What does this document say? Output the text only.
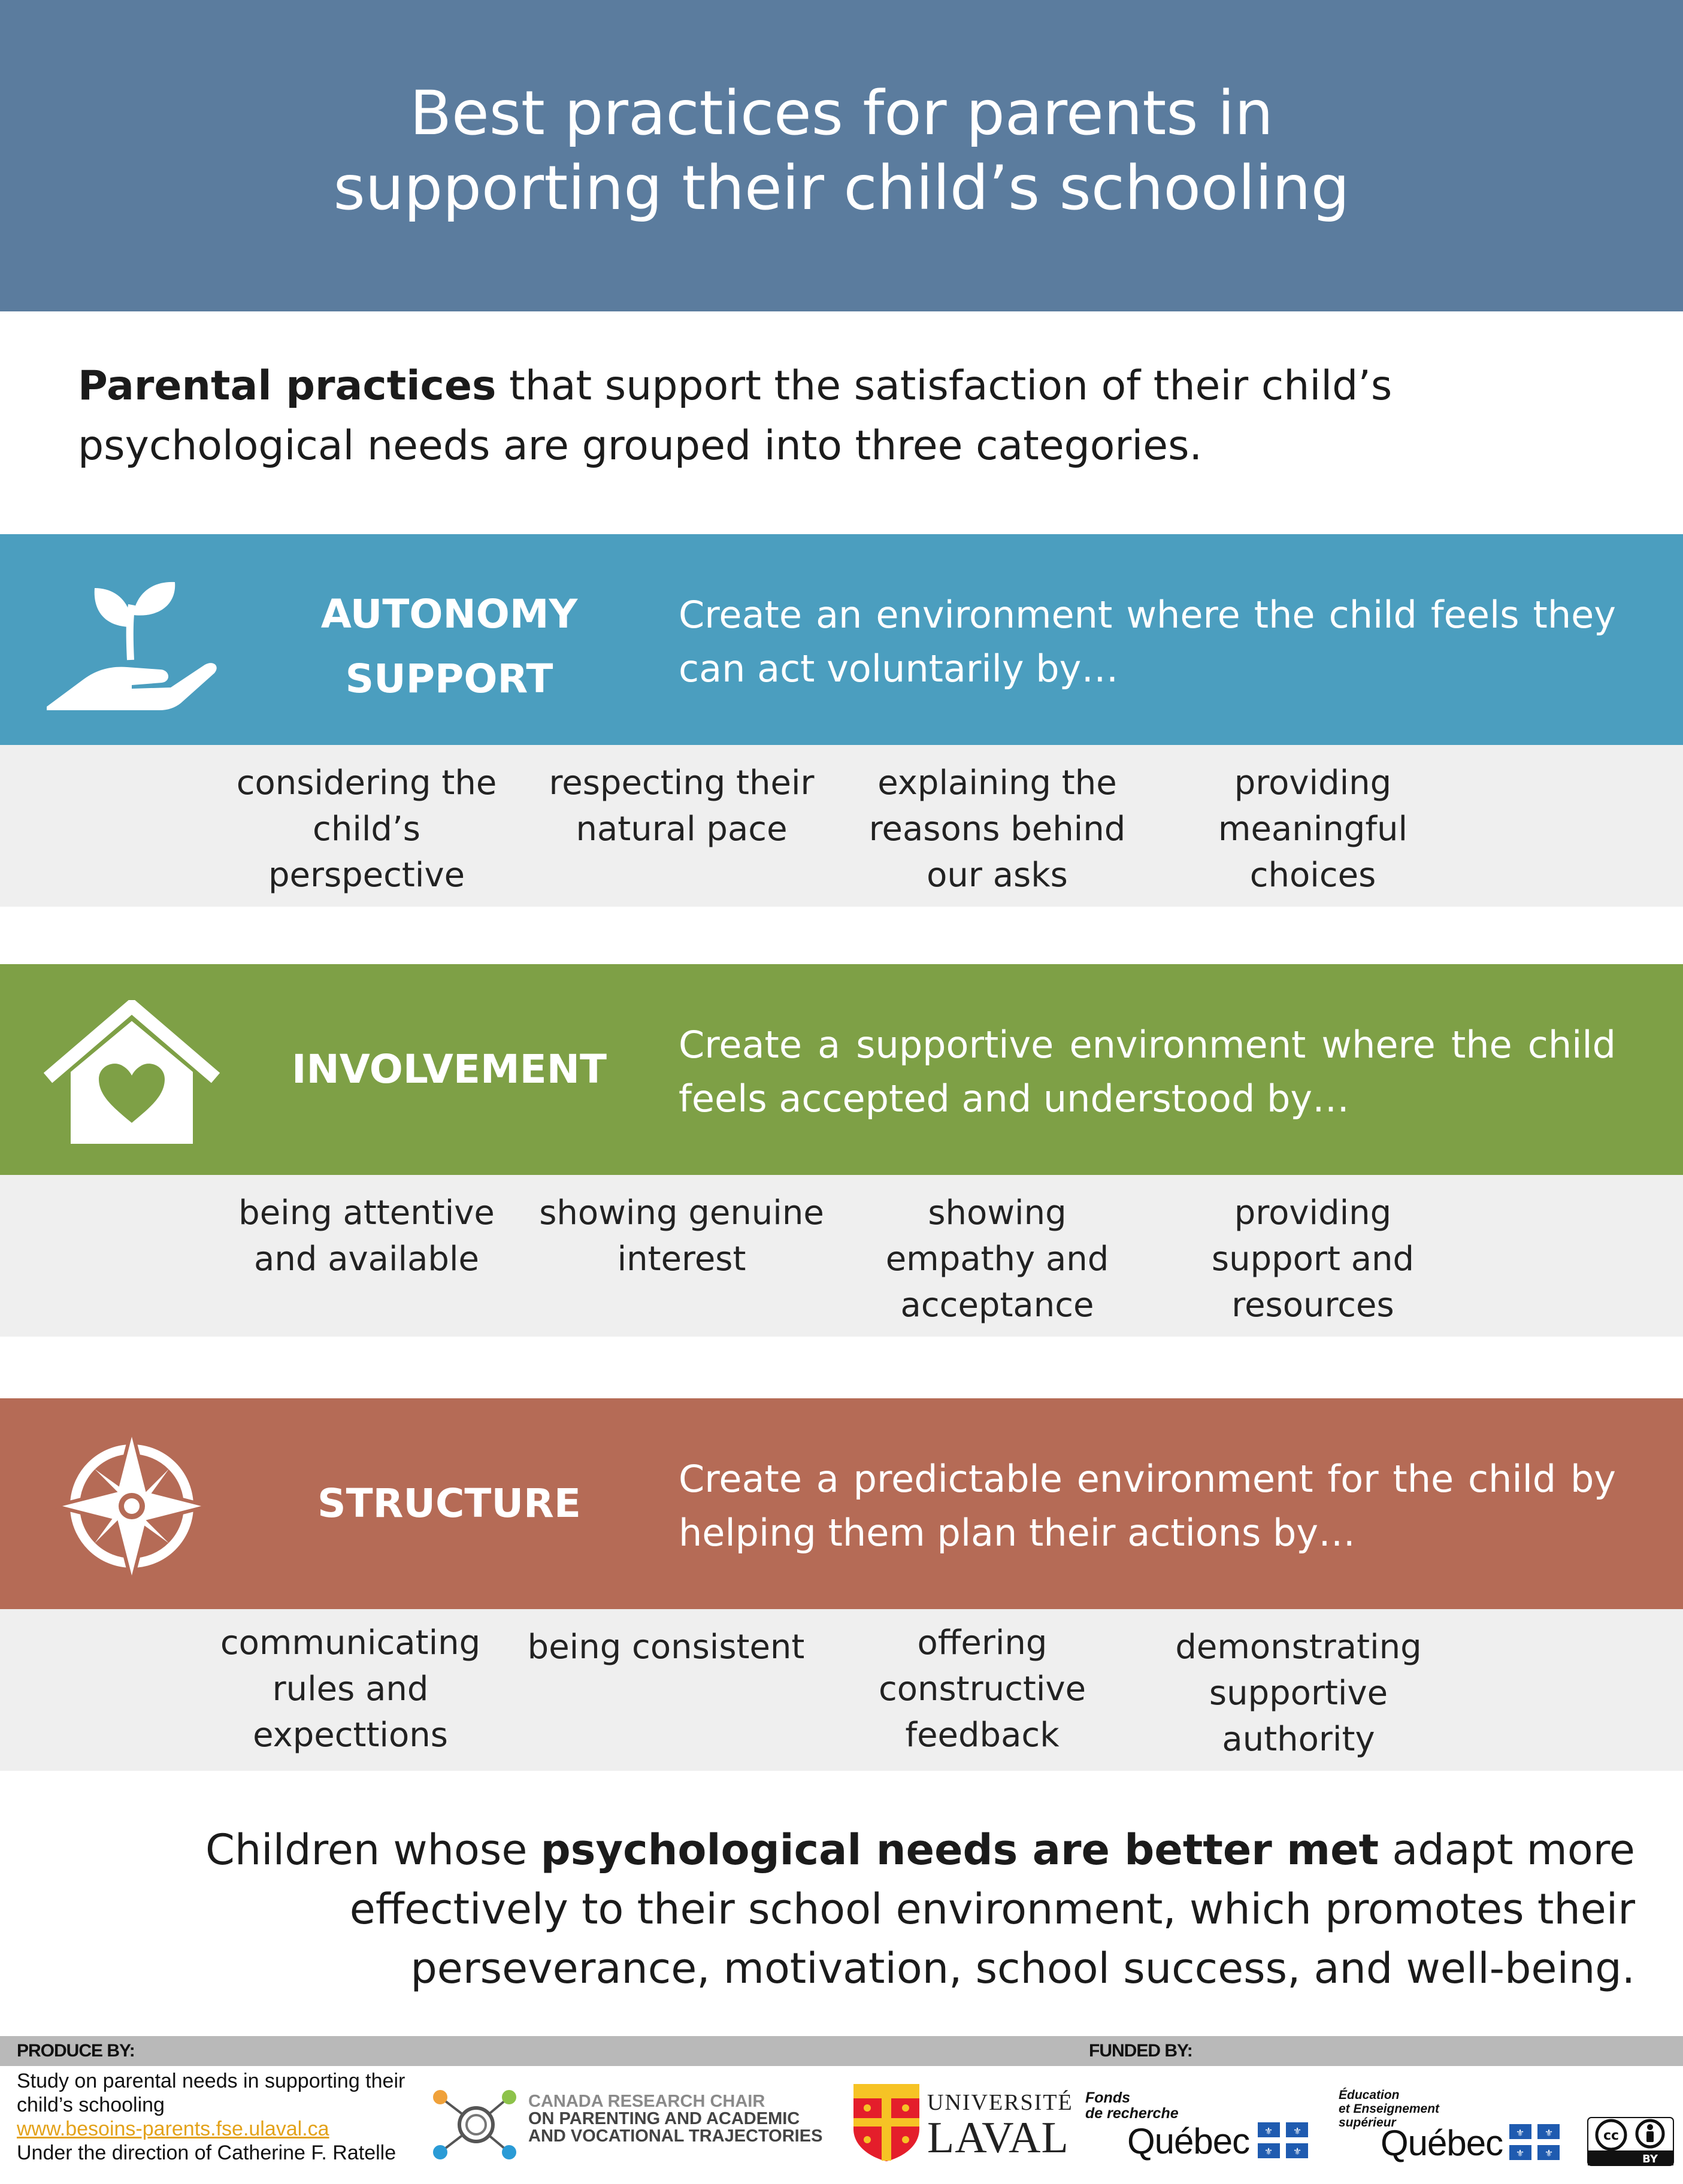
Best practices for parents in
supporting their child’s schooling
Parental practices that support the satisfaction of their child’s psychological needs are grouped into three categories.
AUTONOMY
SUPPORT
Create an environment where the child feels they can act voluntarily by…
considering the
child’s
perspective
respecting their
natural pace
explaining the
reasons behind
our asks
providing
meaningful
choices
INVOLVEMENT
Create a supportive environment where the child feels accepted and understood by…
being attentive
and available
showing genuine
interest
showing
empathy and
acceptance
providing
support and
resources
STRUCTURE
Create a predictable environment for the child by helping them plan their actions by…
communicating
rules and
expecttions
being consistent	offering
constructive
feedback
demonstrating
supportive
authority
Children whose psychological needs are better met adapt more effectively to their school environment, which promotes their perseverance, motivation, school success, and well-being.
PRODUCE BY:	FUNDED BY:
Study on parental needs in supporting their
child’s schooling
www.besoins-parents.fse.ulaval.ca
Under the direction of Catherine F. Ratelle
CANADA RESEARCH CHAIR
ON PARENTING AND ACADEMIC
AND VOCATIONAL TRAJECTORIES
UNIVERSITÉ
LAVAL
Fonds
de recherche
Québec ⚜ ⚜
⚜ ⚜
Éducation
et Enseignement
supérieur
Québec ⚜ ⚜
⚜ ⚜
cc
BY
